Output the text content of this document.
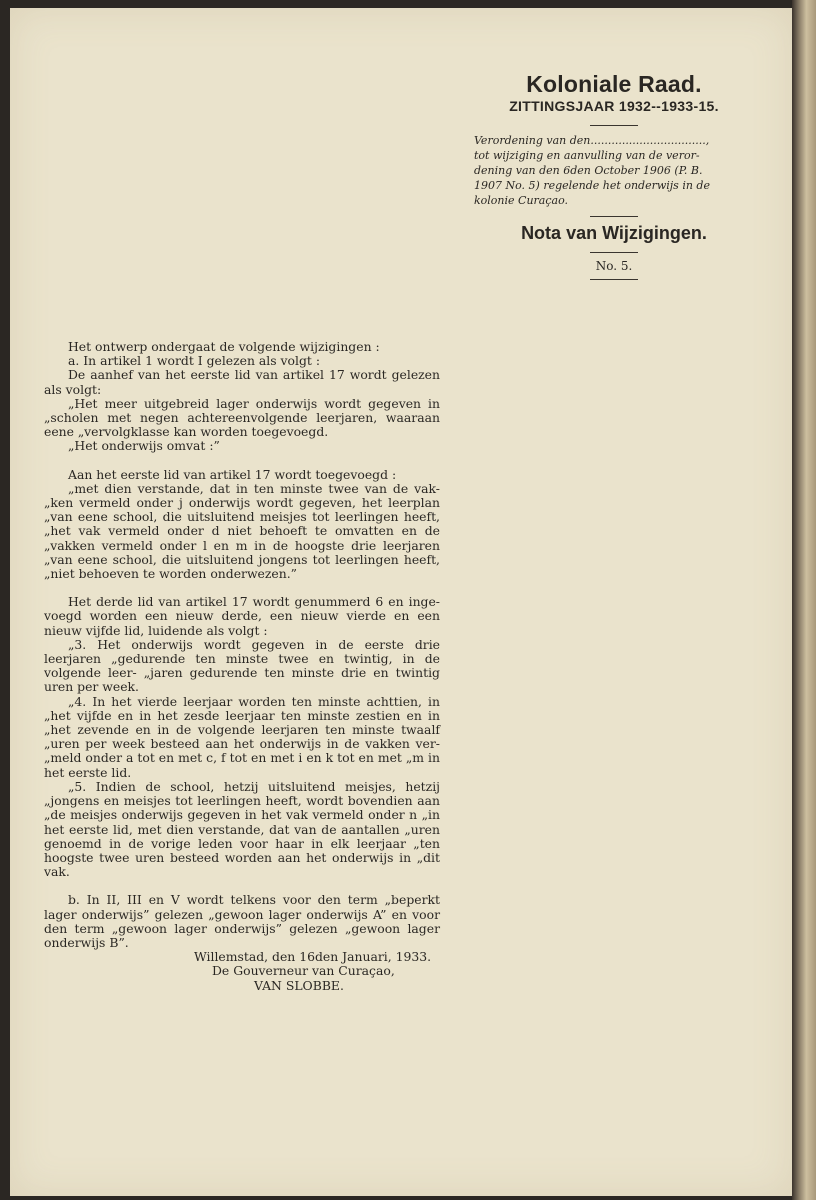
Koloniale Raad.
ZITTINGSJAAR 1932--1933-15.
Verordening van den.................................,
tot wijziging en aanvulling van de veror-
dening van den 6den October 1906 (P. B.
1907 No. 5) regelende het onderwijs in de
kolonie Curaçao.
Nota van Wijzigingen.
No. 5.

Het ontwerp ondergaat de volgende wijzigingen :

a. In artikel 1 wordt I gelezen als volgt :

De aanhef van het eerste lid van artikel 17 wordt gelezen als volgt:

„Het meer uitgebreid lager onderwijs wordt gegeven in „scholen met negen achtereenvolgende leerjaren, waaraan eene „vervolgklasse kan worden toegevoegd.

„Het onderwijs omvat :”

Aan het eerste lid van artikel 17 wordt toegevoegd :

„met dien verstande, dat in ten minste twee van de vak- „ken vermeld onder j onderwijs wordt gegeven, het leerplan „van eene school, die uitsluitend meisjes tot leerlingen heeft, „het vak vermeld onder d niet behoeft te omvatten en de „vakken vermeld onder l en m in de hoogste drie leerjaren „van eene school, die uitsluitend jongens tot leerlingen heeft, „niet behoeven te worden onderwezen.”

Het derde lid van artikel 17 wordt genummerd 6 en inge- voegd worden een nieuw derde, een nieuw vierde en een nieuw vijfde lid, luidende als volgt :

„3. Het onderwijs wordt gegeven in de eerste drie leerjaren „gedurende ten minste twee en twintig, in de volgende leer- „jaren gedurende ten minste drie en twintig uren per week.

„4. In het vierde leerjaar worden ten minste achttien, in „het vijfde en in het zesde leerjaar ten minste zestien en in „het zevende en in de volgende leerjaren ten minste twaalf „uren per week besteed aan het onderwijs in de vakken ver- „meld onder a tot en met c, f tot en met i en k tot en met „m in het eerste lid.

„5. Indien de school, hetzij uitsluitend meisjes, hetzij „jongens en meisjes tot leerlingen heeft, wordt bovendien aan „de meisjes onderwijs gegeven in het vak vermeld onder n „in het eerste lid, met dien verstande, dat van de aantallen „uren genoemd in de vorige leden voor haar in elk leerjaar „ten hoogste twee uren besteed worden aan het onderwijs in „dit vak.

b. In II, III en V wordt telkens voor den term „beperkt lager onderwijs” gelezen „gewoon lager onderwijs A” en voor den term „gewoon lager onderwijs” gelezen „gewoon lager onderwijs B”.

Willemstad, den 16den Januari, 1933.

De Gouverneur van Curaçao,

VAN SLOBBE.
